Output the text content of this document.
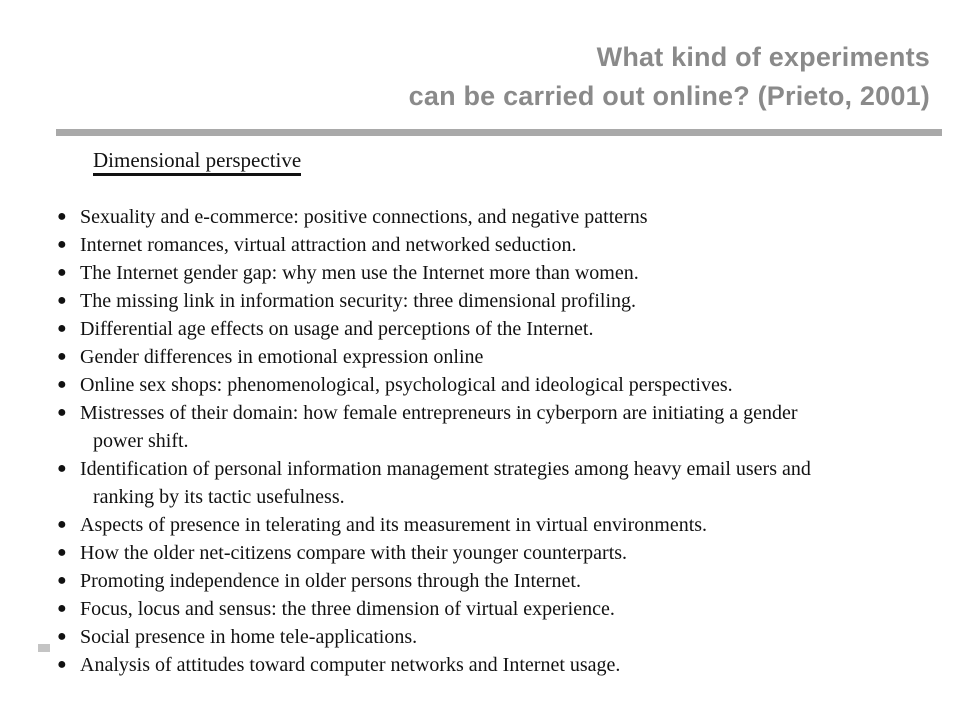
What kind of experiments
can be carried out online? (Prieto, 2001)
Dimensional perspective
● Sexuality and e-commerce: positive connections, and negative patterns
● Internet romances, virtual attraction and networked seduction.
● The Internet gender gap: why men use the Internet more than women.
● The missing link in information security: three dimensional profiling.
● Differential age effects on usage and perceptions of the Internet.
● Gender differences in emotional expression online
● Online sex shops: phenomenological, psychological and ideological perspectives.
● Mistresses of their domain: how female entrepreneurs in cyberporn are initiating a gender
power shift.
● Identification of personal information management strategies among heavy email users and
ranking by its tactic usefulness.
● Aspects of presence in telerating and its measurement in virtual environments.
● How the older net-citizens compare with their younger counterparts.
● Promoting independence in older persons through the Internet.
● Focus, locus and sensus: the three dimension of virtual experience.
● Social presence in home tele-applications.
● Analysis of attitudes toward computer networks and Internet usage.
